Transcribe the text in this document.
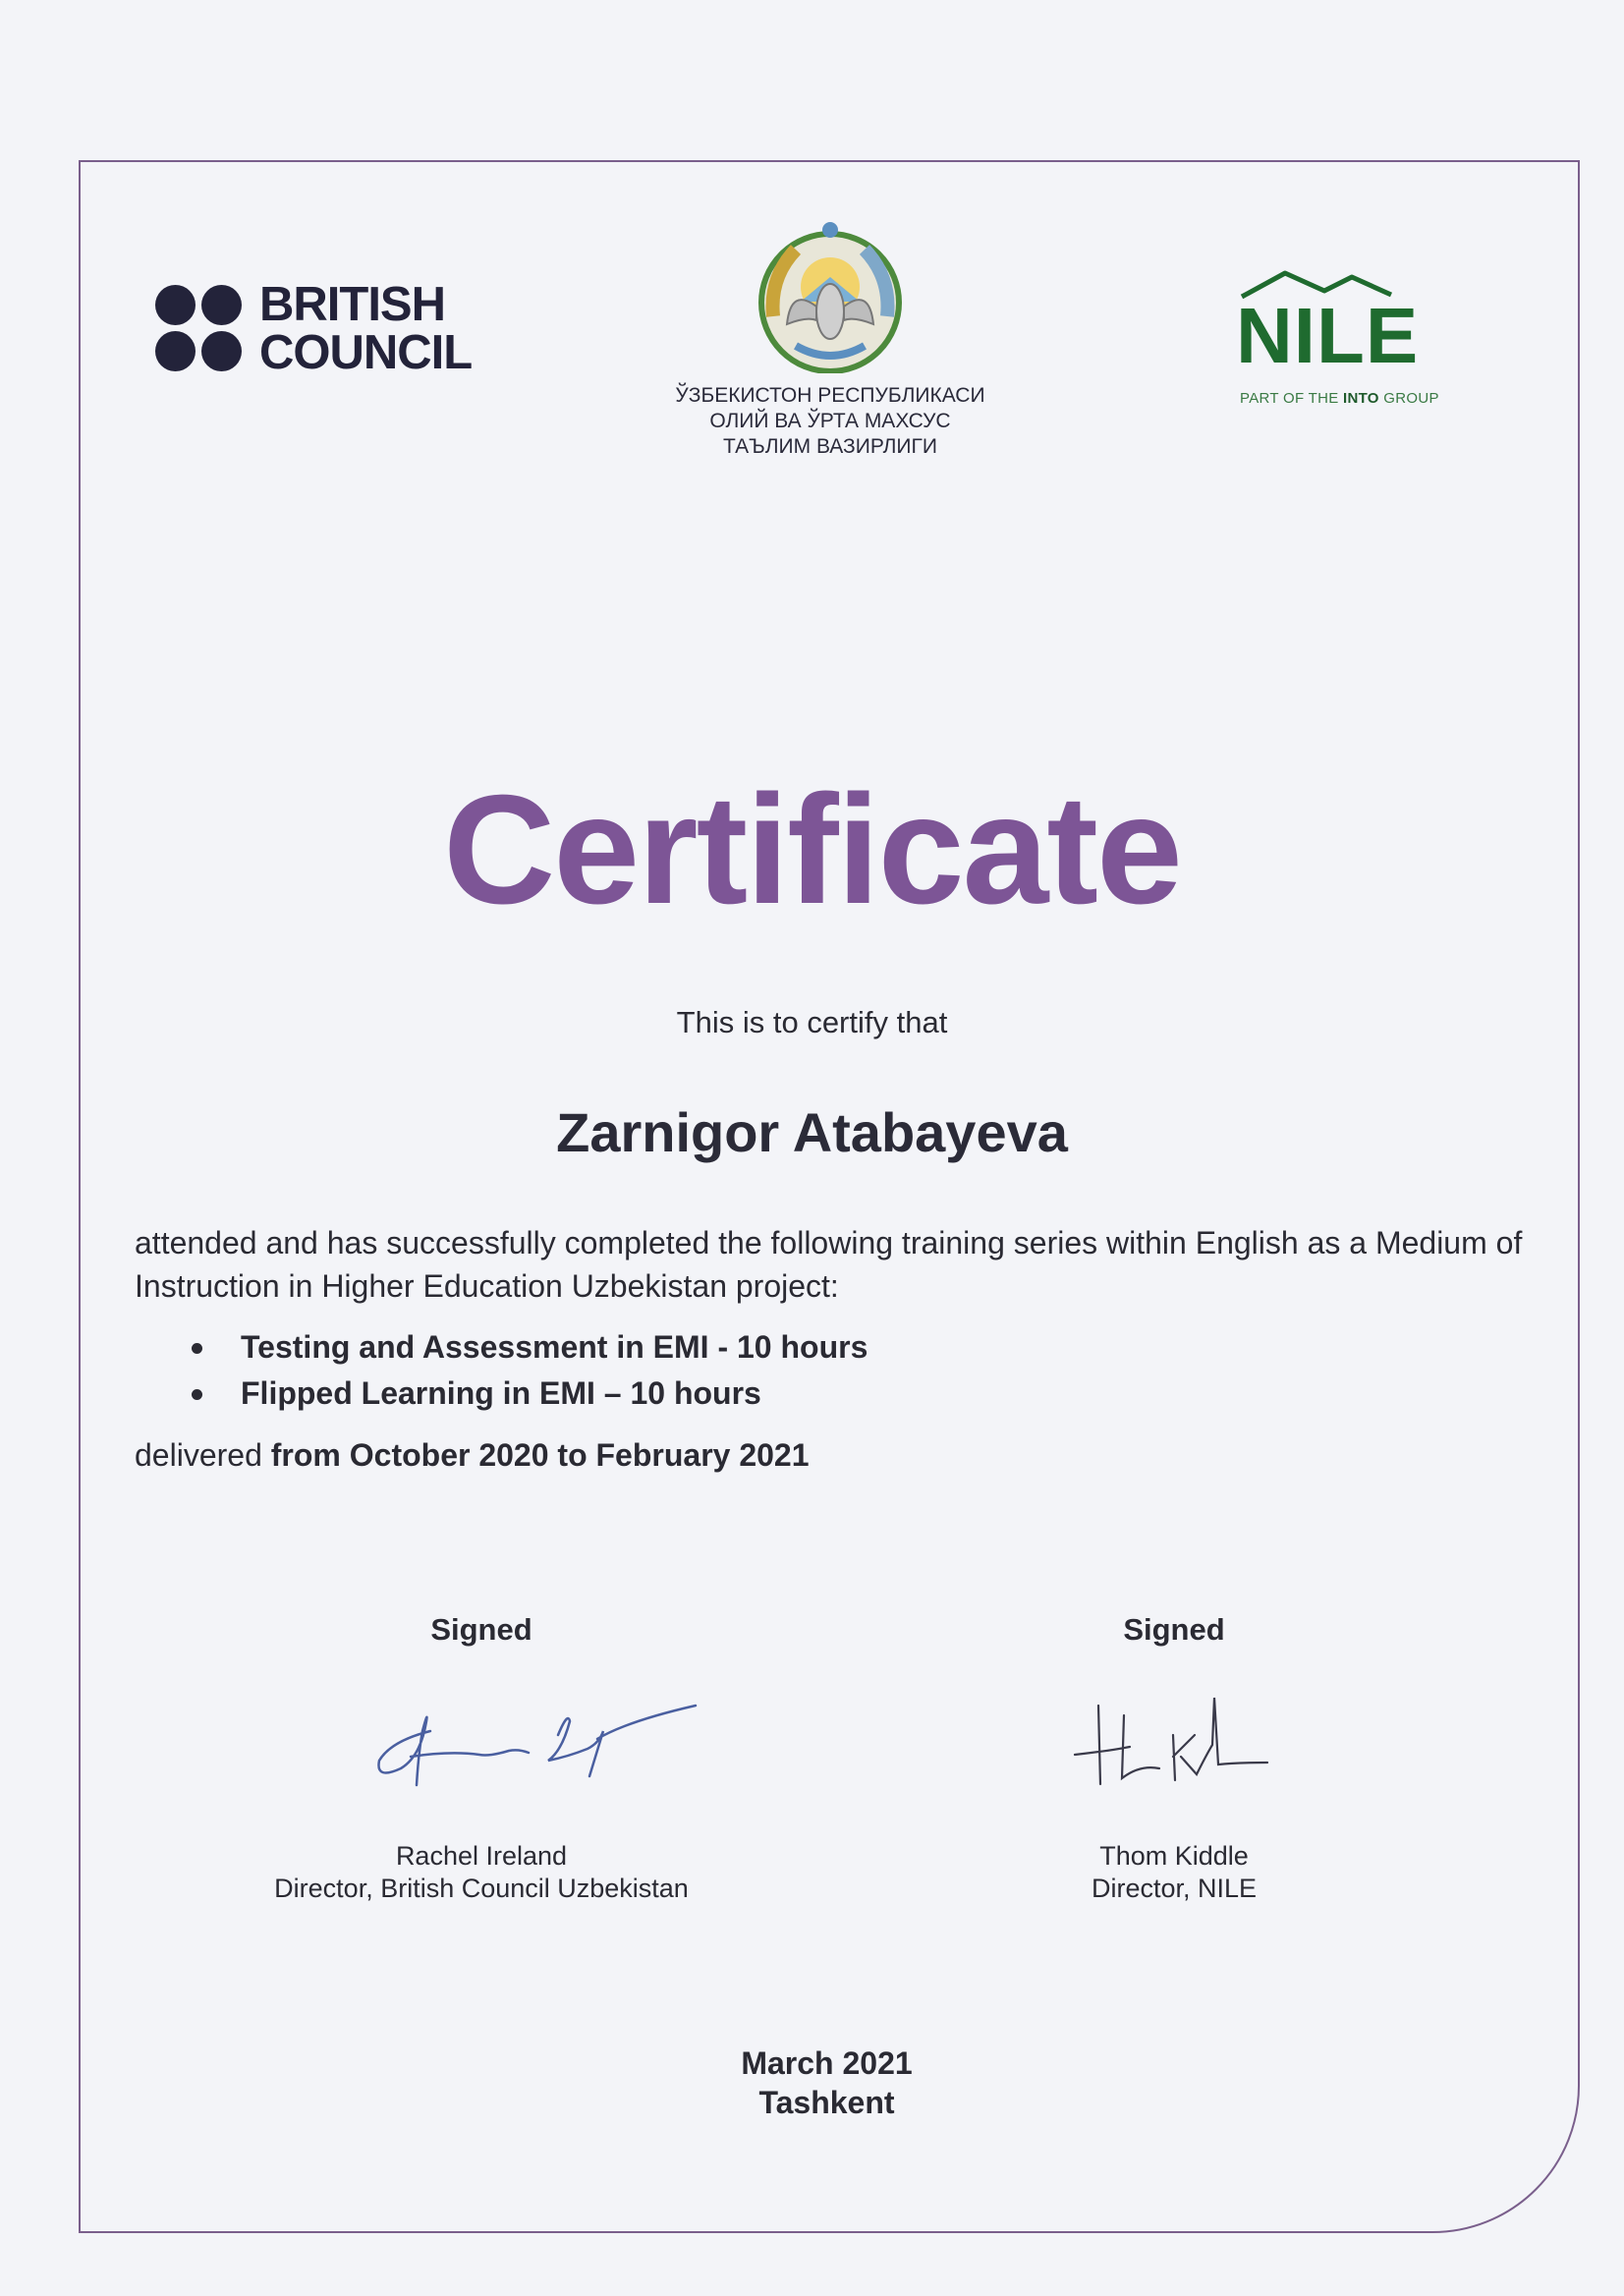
BRITISH
COUNCIL
ЎЗБЕКИСТОН РЕСПУБЛИКАСИ
ОЛИЙ ВА ЎРТА МАХСУС
ТАЪЛИМ ВАЗИРЛИГИ
NILE
PART OF THE INTO GROUP
Certificate
This is to certify that
Zarnigor Atabayeva
attended and has successfully completed the following training series within English as a Medium of Instruction in Higher Education Uzbekistan project:
Testing and Assessment in EMI - 10 hours
Flipped Learning in EMI – 10 hours
delivered from October 2020 to February 2021
Signed	Signed
Rachel Ireland
Director, British Council Uzbekistan
Thom Kiddle
Director, NILE
March 2021
Tashkent
